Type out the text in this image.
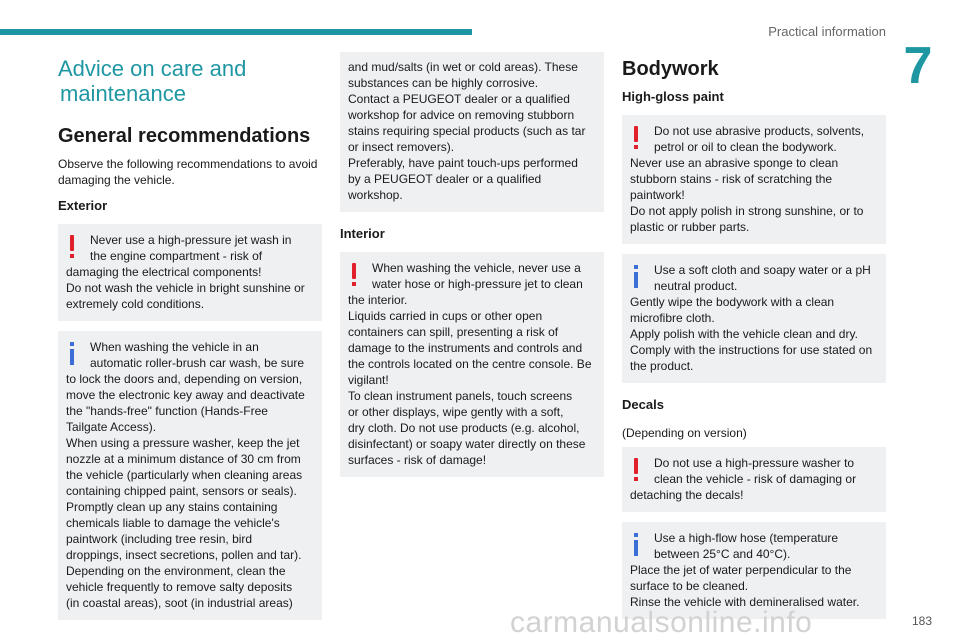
Practical information
7
Advice on care and
maintenance
General recommendations
Observe the following recommendations to avoid
damaging the vehicle.
Exterior
Never use a high-pressure jet wash in
the engine compartment - risk of
damaging the electrical components!
Do not wash the vehicle in bright sunshine or
extremely cold conditions.
When washing the vehicle in an
automatic roller-brush car wash, be sure
to lock the doors and, depending on version,
move the electronic key away and deactivate
the "hands-free" function (Hands-Free
Tailgate Access).
When using a pressure washer, keep the jet
nozzle at a minimum distance of 30 cm from
the vehicle (particularly when cleaning areas
containing chipped paint, sensors or seals).
Promptly clean up any stains containing
chemicals liable to damage the vehicle's
paintwork (including tree resin, bird
droppings, insect secretions, pollen and tar).
Depending on the environment, clean the
vehicle frequently to remove salty deposits
(in coastal areas), soot (in industrial areas)
and mud/salts (in wet or cold areas). These
substances can be highly corrosive.
Contact a PEUGEOT dealer or a qualified
workshop for advice on removing stubborn
stains requiring special products (such as tar
or insect removers).
Preferably, have paint touch-ups performed
by a PEUGEOT dealer or a qualified
workshop.
Interior
When washing the vehicle, never use a
water hose or high-pressure jet to clean
the interior.
Liquids carried in cups or other open
containers can spill, presenting a risk of
damage to the instruments and controls and
the controls located on the centre console. Be
vigilant!
To clean instrument panels, touch screens
or other displays, wipe gently with a soft,
dry cloth. Do not use products (e.g. alcohol,
disinfectant) or soapy water directly on these
surfaces - risk of damage!
Bodywork
High-gloss paint
Do not use abrasive products, solvents,
petrol or oil to clean the bodywork.
Never use an abrasive sponge to clean
stubborn stains - risk of scratching the
paintwork!
Do not apply polish in strong sunshine, or to
plastic or rubber parts.
Use a soft cloth and soapy water or a pH
neutral product.
Gently wipe the bodywork with a clean
microfibre cloth.
Apply polish with the vehicle clean and dry.
Comply with the instructions for use stated on
the product.
Decals
(Depending on version)
Do not use a high-pressure washer to
clean the vehicle - risk of damaging or
detaching the decals!
Use a high-flow hose (temperature
between 25°C and 40°C).
Place the jet of water perpendicular to the
surface to be cleaned.
Rinse the vehicle with demineralised water.
carmanualsonline.info	183
